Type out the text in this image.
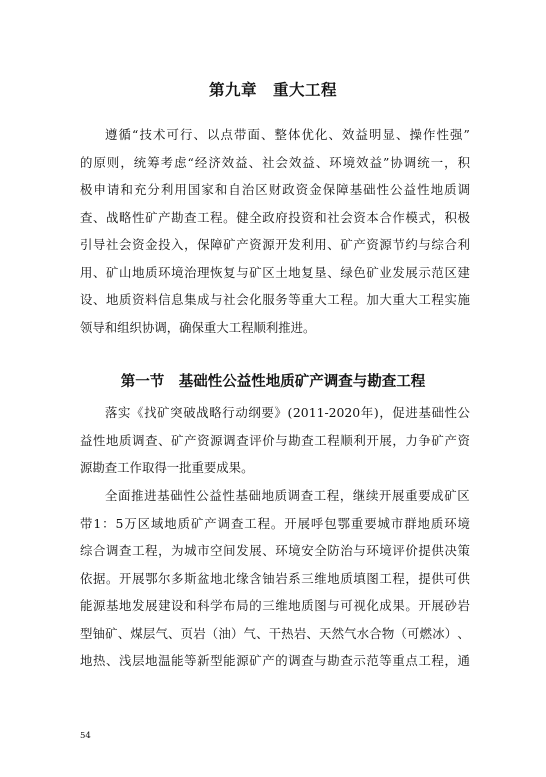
第九章　重大工程
遵 循 “ 技 术 可 行 、 以 点 带 面 、 整 体 优 化 、 效 益 明 显 、 操 作 性 强 ”
的 原 则 ， 统 筹 考 虑 “ 经 济 效 益 、 社 会 效 益 、 环 境 效 益 ” 协 调 统 一 ， 积
极 申 请 和 充 分 利 用 国 家 和 自 治 区 财 政 资 金 保 障 基 础 性 公 益 性 地 质 调
查 、 战 略 性 矿 产 勘 查 工 程 。 健 全 政 府 投 资 和 社 会 资 本 合 作 模 式 ， 积 极
引 导 社 会 资 金 投 入 ， 保 障 矿 产 资 源 开 发 利 用 、 矿 产 资 源 节 约 与 综 合 利
用 、 矿 山 地 质 环 境 治 理 恢 复 与 矿 区 土 地 复 垦 、 绿 色 矿 业 发 展 示 范 区 建
设 、 地 质 资 料 信 息 集 成 与 社 会 化 服 务 等 重 大 工 程 。 加 大 重 大 工 程 实 施
领导和组织协调，确保重大工程顺利推进。
第一节　基础性公益性地质矿产调查与勘查工程
落 实 《 找 矿 突 破 战 略 行 动 纲 要 》 ( 2011-2020 年 ) ， 促 进 基 础 性 公
益 性 地 质 调 查 、 矿 产 资 源 调 查 评 价 与 勘 查 工 程 顺 利 开 展 ， 力 争 矿 产 资
源勘查工作取得一批重要成果。
全 面 推 进 基 础 性 公 益 性 基 础 地 质 调 查 工 程 ， 继 续 开 展 重 要 成 矿 区
带 1 ： 5 万 区 域 地 质 矿 产 调 查 工 程 。 开 展 呼 包 鄂 重 要 城 市 群 地 质 环 境
综 合 调 查 工 程 ， 为 城 市 空 间 发 展 、 环 境 安 全 防 治 与 环 境 评 价 提 供 决 策
依 据 。 开 展 鄂 尔 多 斯 盆 地 北 缘 含 铀 岩 系 三 维 地 质 填 图 工 程 ， 提 供 可 供
能 源 基 地 发 展 建 设 和 科 学 布 局 的 三 维 地 质 图 与 可 视 化 成 果 。 开 展 砂 岩
型 铀 矿 、 煤 层 气 、 页 岩 （ 油 ） 气 、 干 热 岩 、 天 然 气 水 合 物 （ 可 燃 冰 ） 、
地 热 、 浅 层 地 温 能 等 新 型 能 源 矿 产 的 调 查 与 勘 查 示 范 等 重 点 工 程 ， 通
54
